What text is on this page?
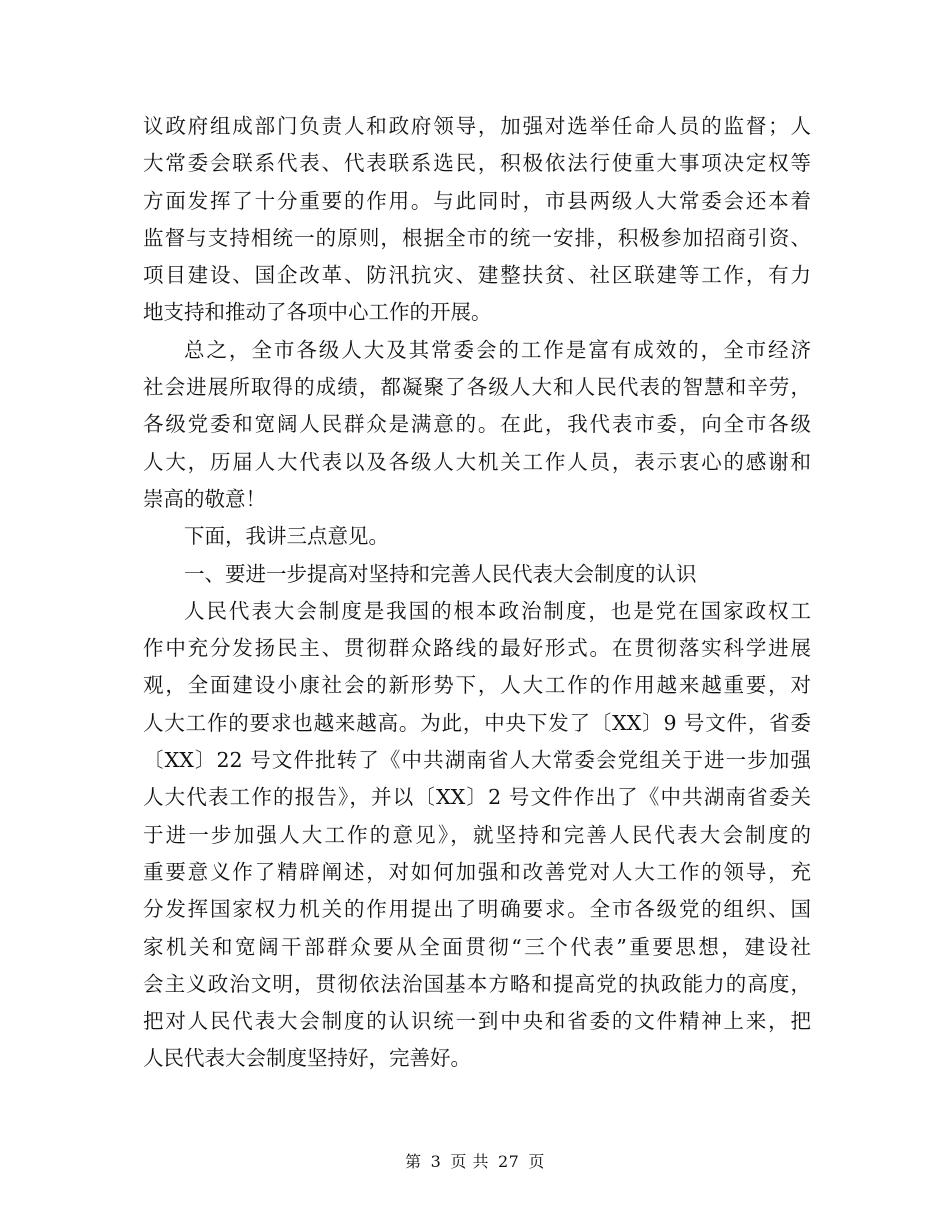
议政府组成部门负责人和政府领导，加强对选举任命人员的监督；人
大常委会联系代表、代表联系选民，积极依法行使重大事项决定权等
方面发挥了十分重要的作用。与此同时，市县两级人大常委会还本着
监督与支持相统一的原则，根据全市的统一安排，积极参加招商引资、
项目建设、国企改革、防汛抗灾、建整扶贫、社区联建等工作，有力
地支持和推动了各项中心工作的开展。
总之，全市各级人大及其常委会的工作是富有成效的，全市经济
社会进展所取得的成绩，都凝聚了各级人大和人民代表的智慧和辛劳，
各级党委和宽阔人民群众是满意的。在此，我代表市委，向全市各级
人大，历届人大代表以及各级人大机关工作人员，表示衷心的感谢和
崇高的敬意！
下面，我讲三点意见。
一、要进一步提高对坚持和完善人民代表大会制度的认识
人民代表大会制度是我国的根本政治制度，也是党在国家政权工
作中充分发扬民主、贯彻群众路线的最好形式。在贯彻落实科学进展
观，全面建设小康社会的新形势下，人大工作的作用越来越重要，对
人大工作的要求也越来越高。为此，中央下发了〔XX〕9 号文件，省委
〔XX〕22 号文件批转了《中共湖南省人大常委会党组关于进一步加强
人大代表工作的报告》，并以〔XX〕2 号文件作出了《中共湖南省委关
于进一步加强人大工作的意见》，就坚持和完善人民代表大会制度的
重要意义作了精辟阐述，对如何加强和改善党对人大工作的领导，充
分发挥国家权力机关的作用提出了明确要求。全市各级党的组织、国
家机关和宽阔干部群众要从全面贯彻“三个代表”重要思想，建设社
会主义政治文明，贯彻依法治国基本方略和提高党的执政能力的高度，
把对人民代表大会制度的认识统一到中央和省委的文件精神上来，把
人民代表大会制度坚持好，完善好。
第 3 页 共 27 页
